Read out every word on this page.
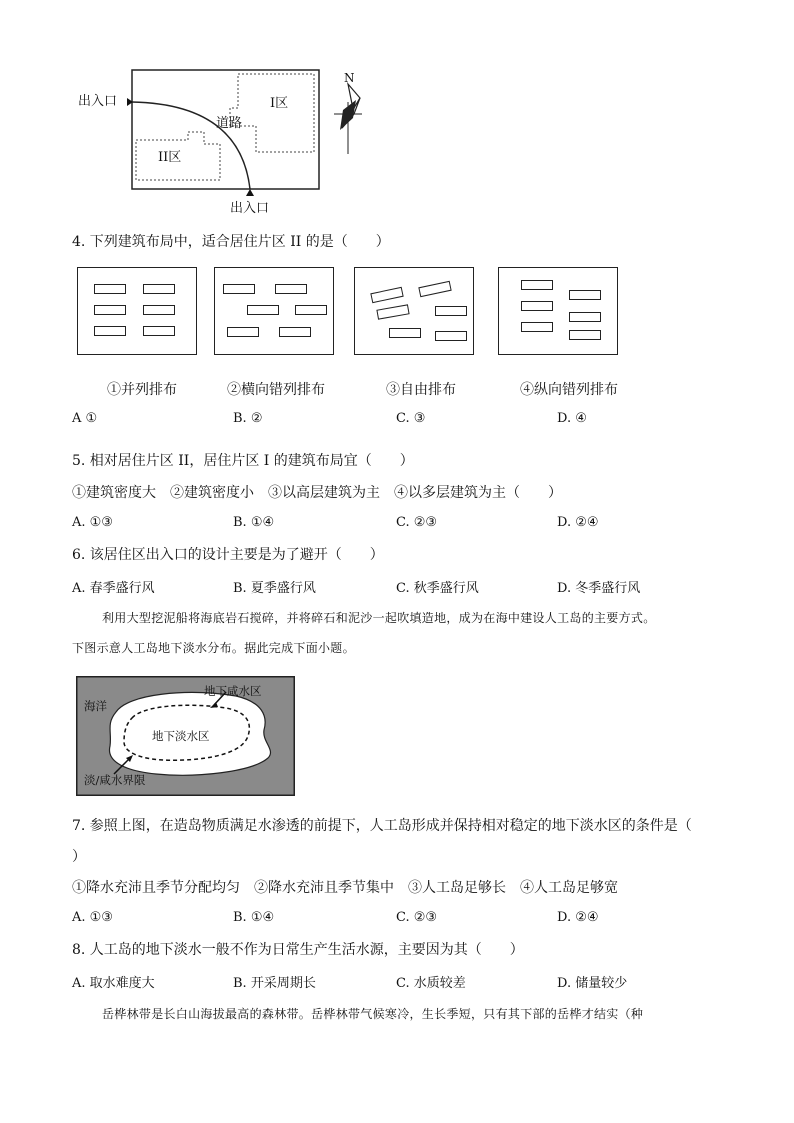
出入口
出入口
I区
II区
道路
N
4. 下列建筑布局中，适合居住片区 II 的是（　　）
①并列排布	②横向错列排布	③自由排布	④纵向错列排布
A ①	B. ②	C. ③	D. ④
5. 相对居住片区 II，居住片区 I 的建筑布局宜（　　）
①建筑密度大　②建筑密度小　③以高层建筑为主　④以多层建筑为主（　　）
A. ①③	B. ①④	C. ②③	D. ②④
6. 该居住区出入口的设计主要是为了避开（　　）
A. 春季盛行风	B. 夏季盛行风	C. 秋季盛行风	D. 冬季盛行风
利用大型挖泥船将海底岩石搅碎，并将碎石和泥沙一起吹填造地，成为在海中建设人工岛的主要方式。
下图示意人工岛地下淡水分布。据此完成下面小题。
海洋
地下咸水区
地下淡水区
淡/咸水界限
7. 参照上图，在造岛物质满足水渗透的前提下，人工岛形成并保持相对稳定的地下淡水区的条件是（
）
①降水充沛且季节分配均匀　②降水充沛且季节集中　③人工岛足够长　④人工岛足够宽
A. ①③	B. ①④	C. ②③	D. ②④
8. 人工岛的地下淡水一般不作为日常生产生活水源，主要因为其（　　）
A. 取水难度大	B. 开采周期长	C. 水质较差	D. 储量较少
岳桦林带是长白山海拔最高的森林带。岳桦林带气候寒冷，生长季短，只有其下部的岳桦才结实（种
